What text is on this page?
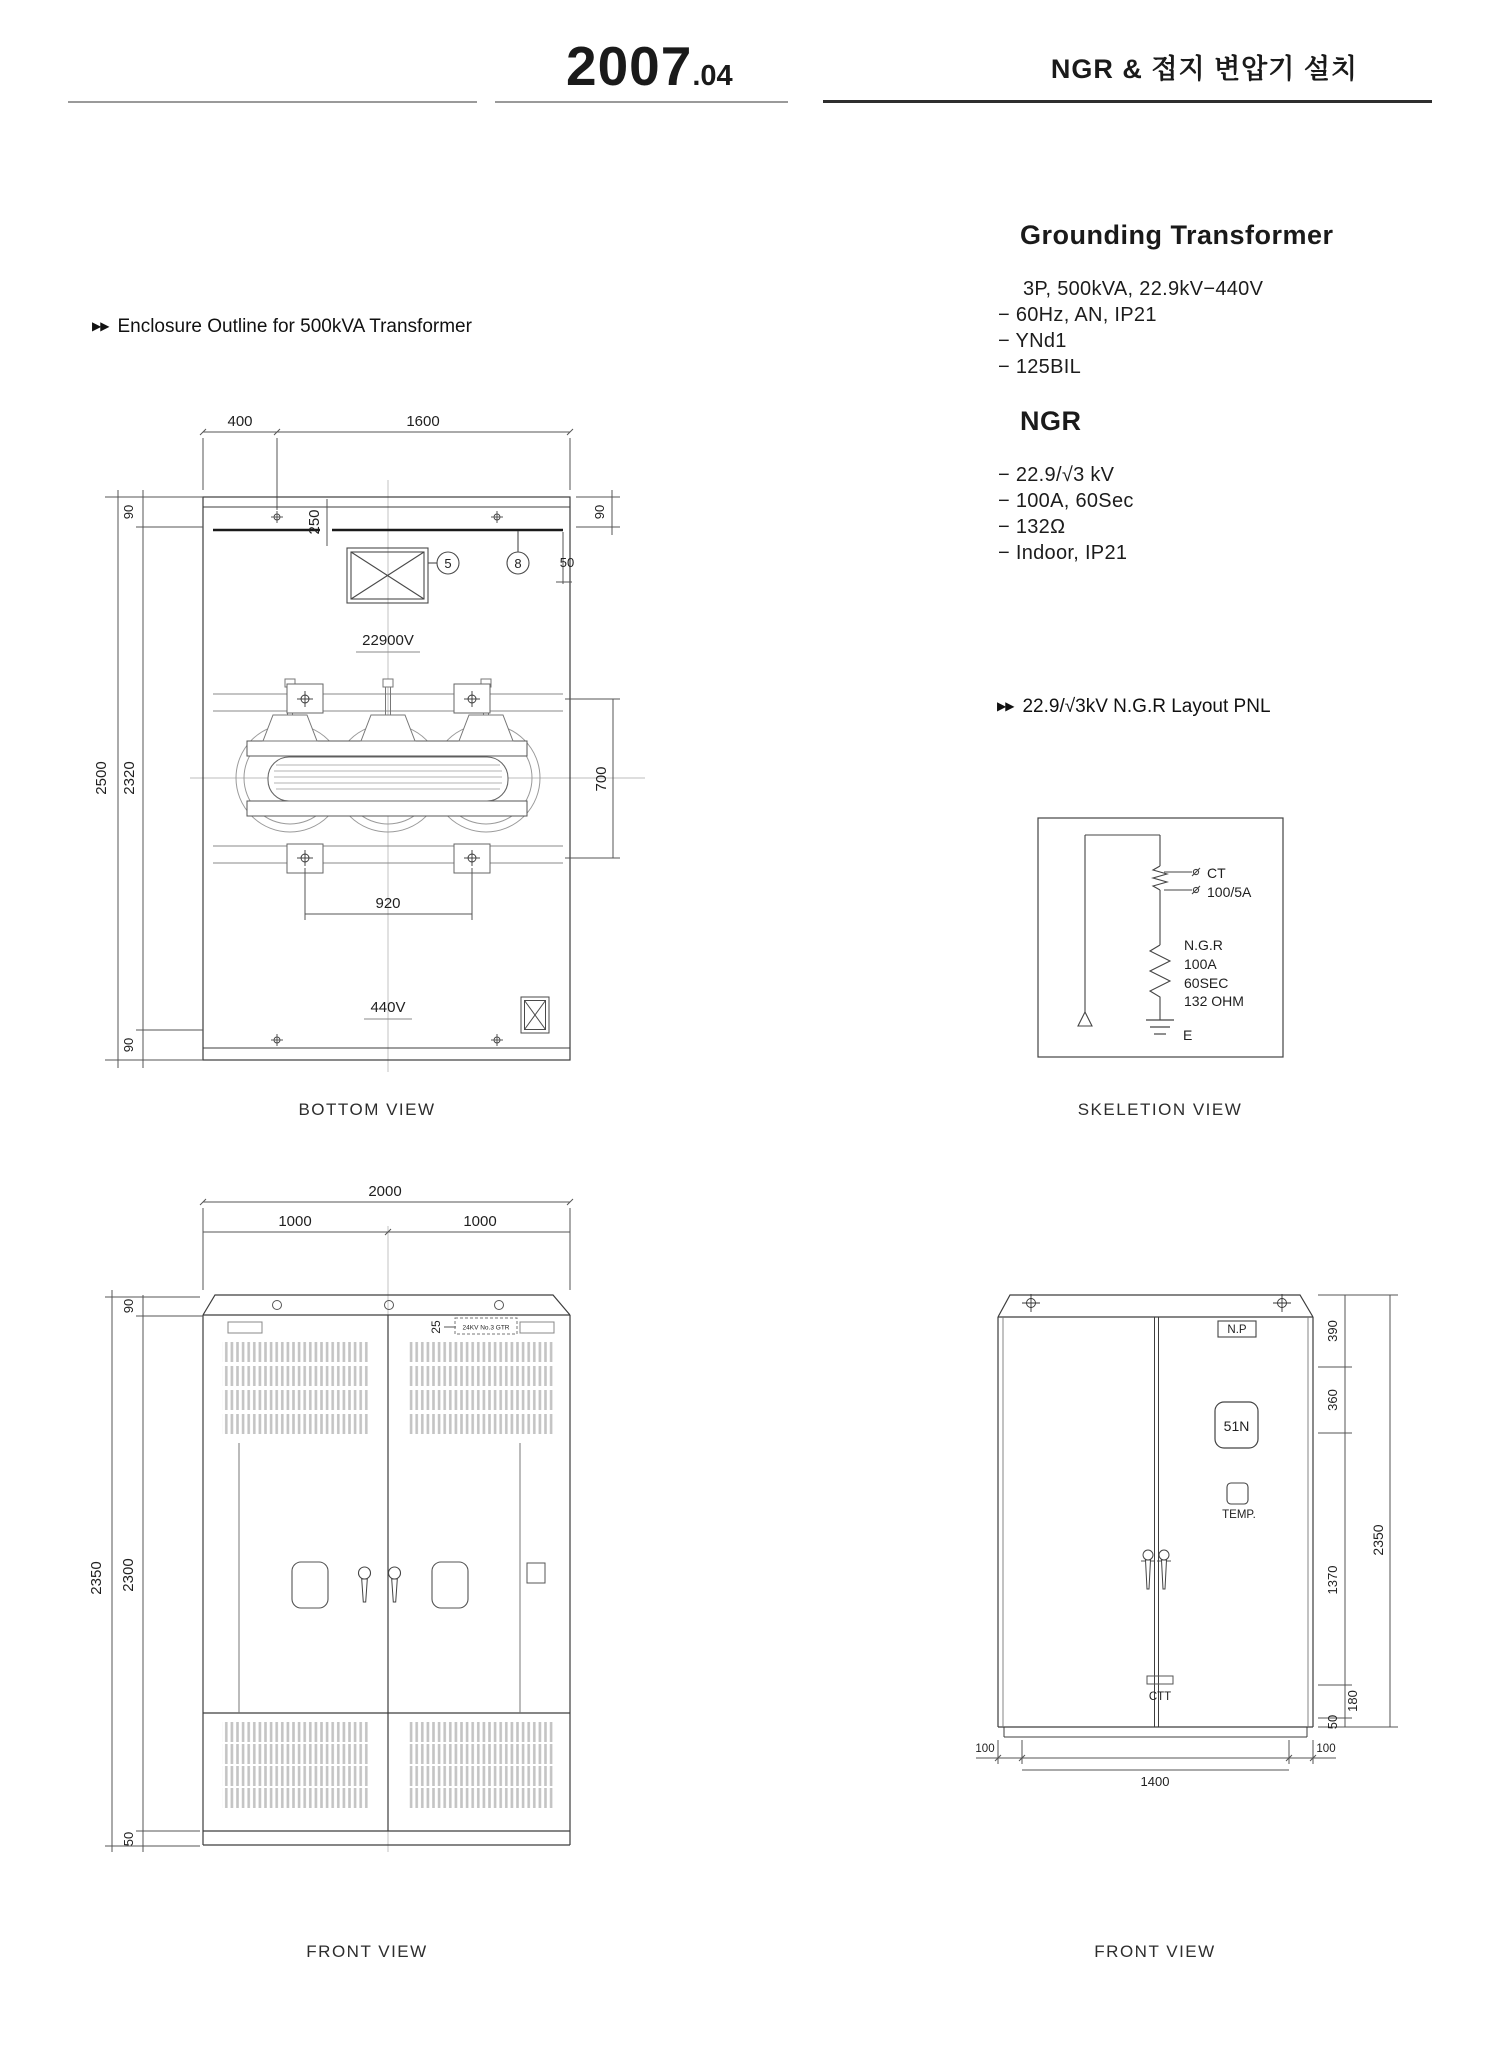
2007.04	NGR & 접지 변압기 설치
▶▶ Enclosure Outline for 500kVA Transformer
Grounding Transformer
3P, 500kVA, 22.9kV−440V
− 60Hz, AN, IP21
− YNd1
− 125BIL
NGR
− 22.9/√3 kV
− 100A, 60Sec
− 132Ω
− Indoor, IP21
▶▶ 22.9/√3kV N.G.R Layout PNL
400	1600
2500 2320
90
90
90
250
5	8	50
22900V
700
920
440V
BOTTOM VIEW
CT
100/5A
N.G.R
100A
60SEC
132 OHM
E
SKELETION VIEW
2000
1000	1000
90
2350 2300
50
25	24KV No.3 GTR
FRONT VIEW
N.P
51N
TEMP.
CTT
390
360
1370
180
50
2350
100	100
1400
FRONT VIEW
